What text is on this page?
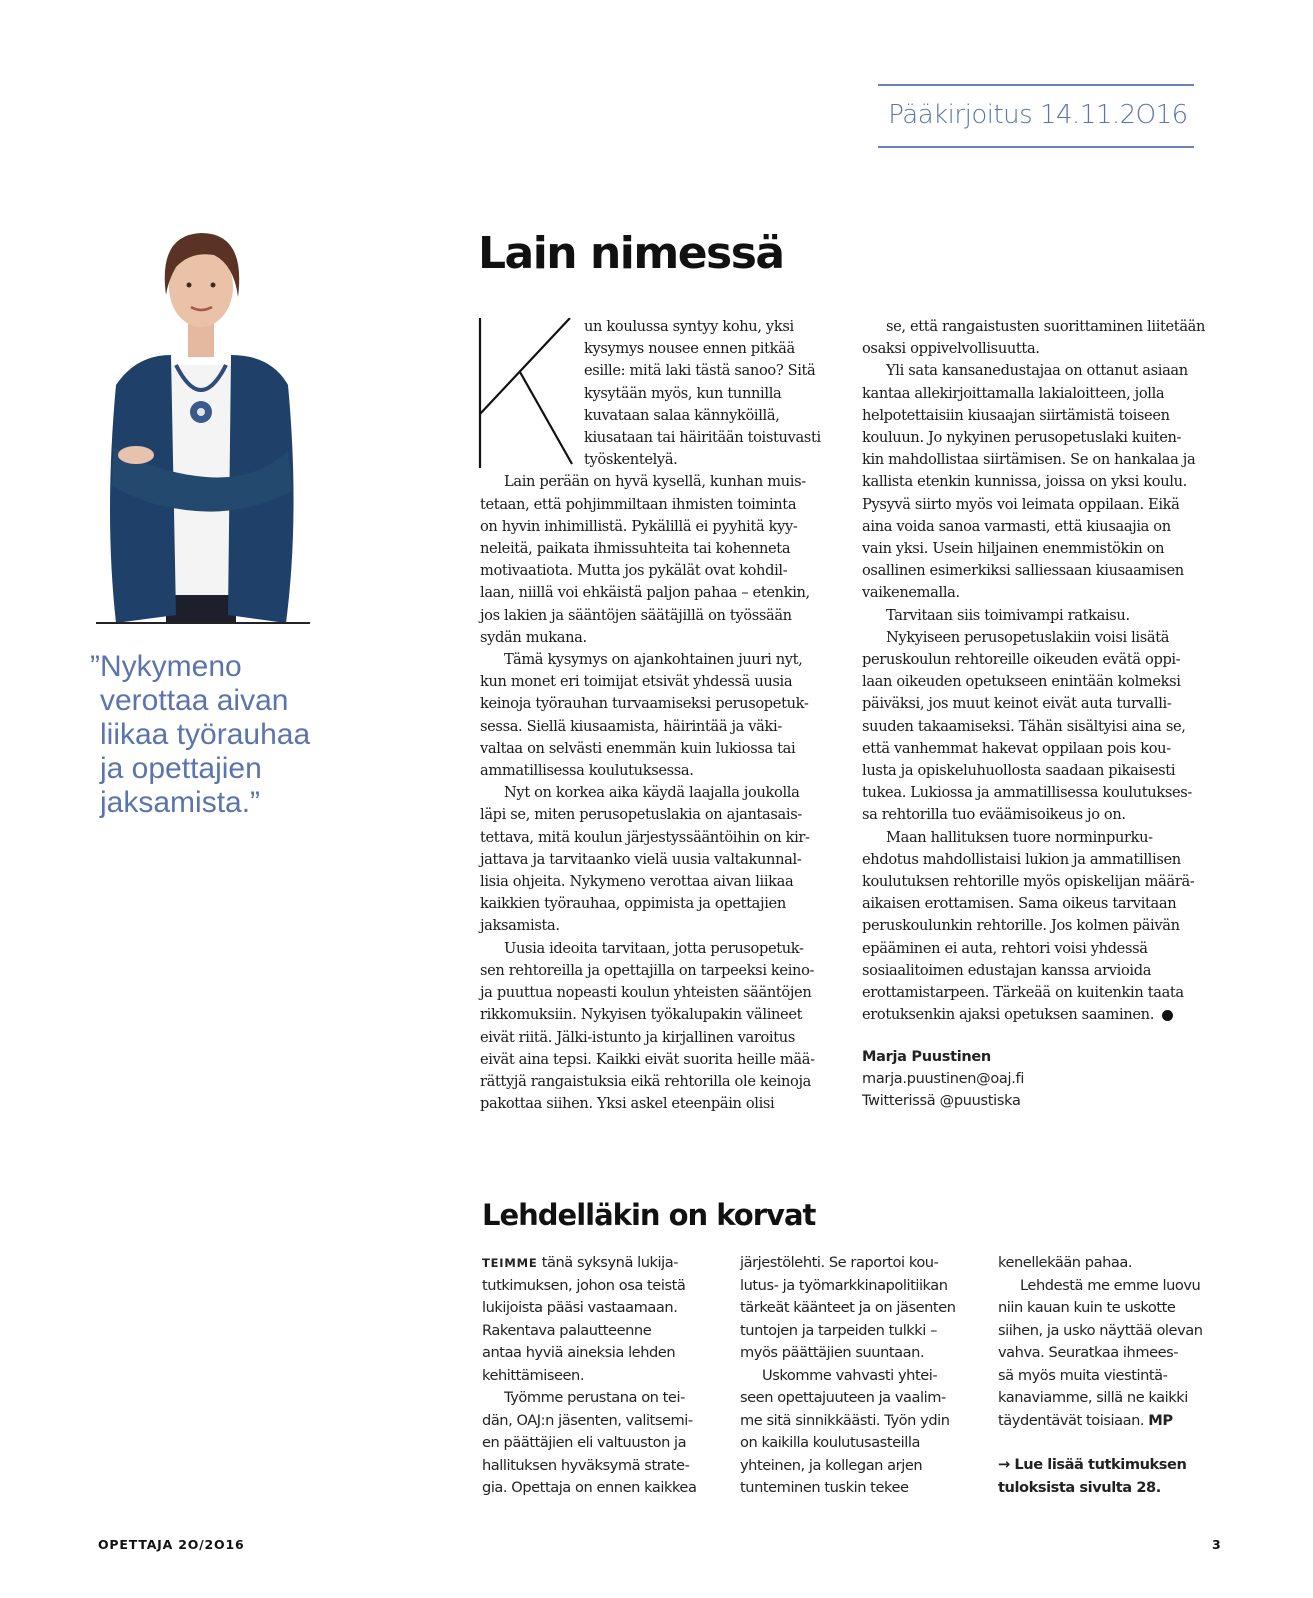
Pääkirjoitus 14.11.2O16
”Nykymeno
verottaa aivan
liikaa työrauhaa
ja opettajien
jaksamista.”
Lain nimessä
un koulussa syntyy kohu, yksi
kysymys nousee ennen pitkää
esille: mitä laki tästä sanoo? Sitä
kysytään myös, kun tunnilla
kuvataan salaa kännyköillä,
kiusataan tai häiritään toistuvasti
työskentelyä.

Lain perään on hyvä kysellä, kunhan muis-
tetaan, että pohjimmiltaan ihmisten toiminta
on hyvin inhimillistä. Pykälillä ei pyyhitä kyy-
neleitä, paikata ihmissuhteita tai kohenneta
motivaatiota. Mutta jos pykälät ovat kohdil-
laan, niillä voi ehkäistä paljon pahaa – etenkin,
jos lakien ja sääntöjen säätäjillä on työssään
sydän mukana.

Tämä kysymys on ajankohtainen juuri nyt,
kun monet eri toimijat etsivät yhdessä uusia
keinoja työrauhan turvaamiseksi perusopetuk-
sessa. Siellä kiusaamista, häirintää ja väki-
valtaa on selvästi enemmän kuin lukiossa tai
ammatillisessa koulutuksessa.

Nyt on korkea aika käydä laajalla joukolla
läpi se, miten perusopetuslakia on ajantasais-
tettava, mitä koulun järjestyssääntöihin on kir-
jattava ja tarvitaanko vielä uusia valtakunnal-
lisia ohjeita. Nykymeno verottaa aivan liikaa
kaikkien työrauhaa, oppimista ja opettajien
jaksamista.

Uusia ideoita tarvitaan, jotta perusopetuk-
sen rehtoreilla ja opettajilla on tarpeeksi keino-
ja puuttua nopeasti koulun yhteisten sääntöjen
rikkomuksiin. Nykyisen työkalupakin välineet
eivät riitä. Jälki-istunto ja kirjallinen varoitus
eivät aina tepsi. Kaikki eivät suorita heille mää-
rättyjä rangaistuksia eikä rehtorilla ole keinoja
pakottaa siihen. Yksi askel eteenpäin olisi

se, että rangaistusten suorittaminen liitetään
osaksi oppivelvollisuutta.

Yli sata kansanedustajaa on ottanut asiaan
kantaa allekirjoittamalla lakialoitteen, jolla
helpotettaisiin kiusaajan siirtämistä toiseen
kouluun. Jo nykyinen perusopetuslaki kuiten-
kin mahdollistaa siirtämisen. Se on hankalaa ja
kallista etenkin kunnissa, joissa on yksi koulu.
Pysyvä siirto myös voi leimata oppilaan. Eikä
aina voida sanoa varmasti, että kiusaajia on
vain yksi. Usein hiljainen enemmistökin on
osallinen esimerkiksi salliessaan kiusaamisen
vaikenemalla.

Tarvitaan siis toimivampi ratkaisu.

Nykyiseen perusopetuslakiin voisi lisätä
peruskoulun rehtoreille oikeuden evätä oppi-
laan oikeuden opetukseen enintään kolmeksi
päiväksi, jos muut keinot eivät auta turvalli-
suuden takaamiseksi. Tähän sisältyisi aina se,
että vanhemmat hakevat oppilaan pois kou-
lusta ja opiskeluhuollosta saadaan pikaisesti
tukea. Lukiossa ja ammatillisessa koulutukses-
sa rehtorilla tuo eväämisoikeus jo on.

Maan hallituksen tuore norminpurku-
ehdotus mahdollistaisi lukion ja ammatillisen
koulutuksen rehtorille myös opiskelijan määrä-
aikaisen erottamisen. Sama oikeus tarvitaan
peruskoulunkin rehtorille. Jos kolmen päivän
epääminen ei auta, rehtori voisi yhdessä
sosiaalitoimen edustajan kanssa arvioida
erottamistarpeen. Tärkeää on kuitenkin taata
erotuksenkin ajaksi opetuksen saaminen.

Marja Puustinen
marja.puustinen@oaj.fi
Twitterissä @puustiska
Lehdelläkin on korvat
TEIMME tänä syksynä lukija-
tutkimuksen, johon osa teistä
lukijoista pääsi vastaamaan.
Rakentava palautteenne
antaa hyviä aineksia lehden
kehittämiseen.
Työmme perustana on tei-
dän, OAJ:n jäsenten, valitsemi-
en päättäjien eli valtuuston ja
hallituksen hyväksymä strate-
gia. Opettaja on ennen kaikkea
järjestölehti. Se raportoi kou-
lutus- ja työmarkkinapolitiikan
tärkeät käänteet ja on jäsenten
tuntojen ja tarpeiden tulkki –
myös päättäjien suuntaan.
Uskomme vahvasti yhtei-
seen opettajuuteen ja vaalim-
me sitä sinnikkäästi. Työn ydin
on kaikilla koulutusasteilla
yhteinen, ja kollegan arjen
tunteminen tuskin tekee
kenellekään pahaa.
Lehdestä me emme luovu
niin kauan kuin te uskotte
siihen, ja usko näyttää olevan
vahva. Seuratkaa ihmees-
sä myös muita viestintä-
kanaviamme, sillä ne kaikki
täydentävät toisiaan. MP
→ Lue lisää tutkimuksen
tuloksista sivulta 28.
OPETTAJA 2O/2O16	3
